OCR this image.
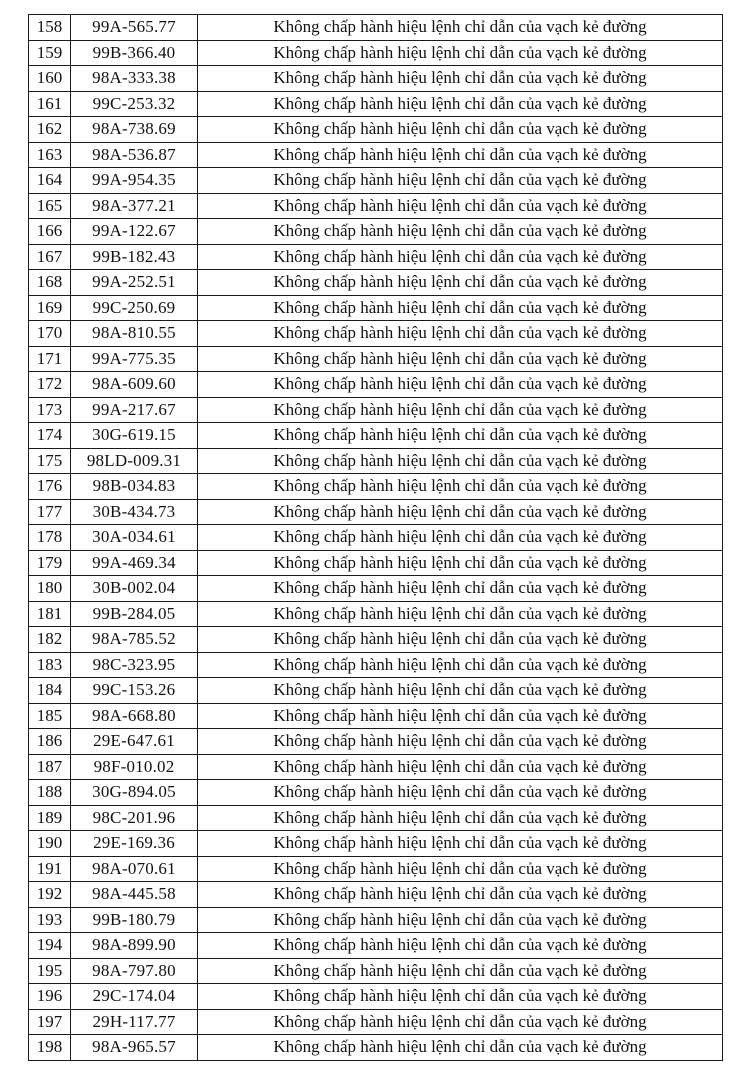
158	99A-565.77	Không chấp hành hiệu lệnh chỉ dẫn của vạch kẻ đường
159	99B-366.40	Không chấp hành hiệu lệnh chỉ dẫn của vạch kẻ đường
160	98A-333.38	Không chấp hành hiệu lệnh chỉ dẫn của vạch kẻ đường
161	99C-253.32	Không chấp hành hiệu lệnh chỉ dẫn của vạch kẻ đường
162	98A-738.69	Không chấp hành hiệu lệnh chỉ dẫn của vạch kẻ đường
163	98A-536.87	Không chấp hành hiệu lệnh chỉ dẫn của vạch kẻ đường
164	99A-954.35	Không chấp hành hiệu lệnh chỉ dẫn của vạch kẻ đường
165	98A-377.21	Không chấp hành hiệu lệnh chỉ dẫn của vạch kẻ đường
166	99A-122.67	Không chấp hành hiệu lệnh chỉ dẫn của vạch kẻ đường
167	99B-182.43	Không chấp hành hiệu lệnh chỉ dẫn của vạch kẻ đường
168	99A-252.51	Không chấp hành hiệu lệnh chỉ dẫn của vạch kẻ đường
169	99C-250.69	Không chấp hành hiệu lệnh chỉ dẫn của vạch kẻ đường
170	98A-810.55	Không chấp hành hiệu lệnh chỉ dẫn của vạch kẻ đường
171	99A-775.35	Không chấp hành hiệu lệnh chỉ dẫn của vạch kẻ đường
172	98A-609.60	Không chấp hành hiệu lệnh chỉ dẫn của vạch kẻ đường
173	99A-217.67	Không chấp hành hiệu lệnh chỉ dẫn của vạch kẻ đường
174	30G-619.15	Không chấp hành hiệu lệnh chỉ dẫn của vạch kẻ đường
175	98LD-009.31	Không chấp hành hiệu lệnh chỉ dẫn của vạch kẻ đường
176	98B-034.83	Không chấp hành hiệu lệnh chỉ dẫn của vạch kẻ đường
177	30B-434.73	Không chấp hành hiệu lệnh chỉ dẫn của vạch kẻ đường
178	30A-034.61	Không chấp hành hiệu lệnh chỉ dẫn của vạch kẻ đường
179	99A-469.34	Không chấp hành hiệu lệnh chỉ dẫn của vạch kẻ đường
180	30B-002.04	Không chấp hành hiệu lệnh chỉ dẫn của vạch kẻ đường
181	99B-284.05	Không chấp hành hiệu lệnh chỉ dẫn của vạch kẻ đường
182	98A-785.52	Không chấp hành hiệu lệnh chỉ dẫn của vạch kẻ đường
183	98C-323.95	Không chấp hành hiệu lệnh chỉ dẫn của vạch kẻ đường
184	99C-153.26	Không chấp hành hiệu lệnh chỉ dẫn của vạch kẻ đường
185	98A-668.80	Không chấp hành hiệu lệnh chỉ dẫn của vạch kẻ đường
186	29E-647.61	Không chấp hành hiệu lệnh chỉ dẫn của vạch kẻ đường
187	98F-010.02	Không chấp hành hiệu lệnh chỉ dẫn của vạch kẻ đường
188	30G-894.05	Không chấp hành hiệu lệnh chỉ dẫn của vạch kẻ đường
189	98C-201.96	Không chấp hành hiệu lệnh chỉ dẫn của vạch kẻ đường
190	29E-169.36	Không chấp hành hiệu lệnh chỉ dẫn của vạch kẻ đường
191	98A-070.61	Không chấp hành hiệu lệnh chỉ dẫn của vạch kẻ đường
192	98A-445.58	Không chấp hành hiệu lệnh chỉ dẫn của vạch kẻ đường
193	99B-180.79	Không chấp hành hiệu lệnh chỉ dẫn của vạch kẻ đường
194	98A-899.90	Không chấp hành hiệu lệnh chỉ dẫn của vạch kẻ đường
195	98A-797.80	Không chấp hành hiệu lệnh chỉ dẫn của vạch kẻ đường
196	29C-174.04	Không chấp hành hiệu lệnh chỉ dẫn của vạch kẻ đường
197	29H-117.77	Không chấp hành hiệu lệnh chỉ dẫn của vạch kẻ đường
198	98A-965.57	Không chấp hành hiệu lệnh chỉ dẫn của vạch kẻ đường
